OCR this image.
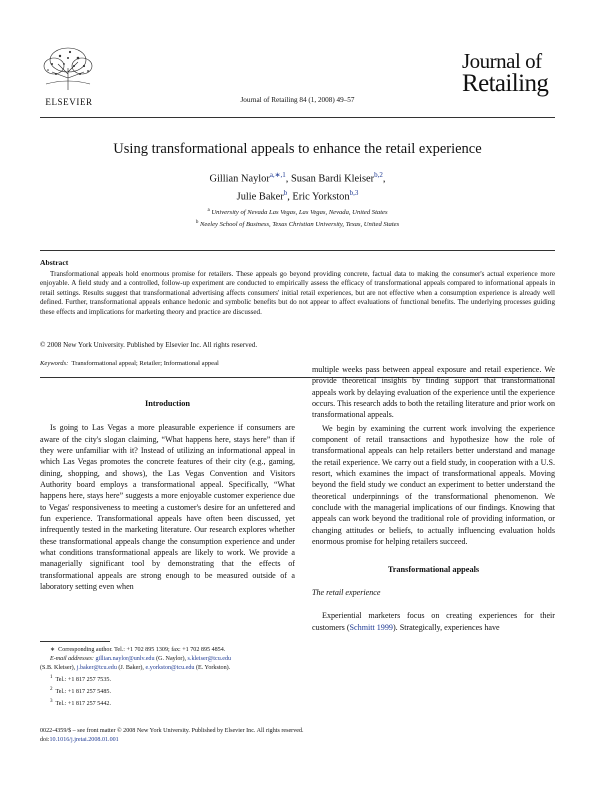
ELSEVIER	Journal of Retailing 84 (1, 2008) 49–57
Journal of
Retailing
Using transformational appeals to enhance the retail experience
Gillian Naylor$^{a,∗,1}$, Susan Bardi Kleiser$^{b,2}$,
Julie Baker$^b$, Eric Yorkston$^{b,3}$
$^a$ University of Nevada Las Vegas, Las Vegas, Nevada, United States
$^b$ Neeley School of Business, Texas Christian University, Texas, United States
Abstract
Transformational appeals hold enormous promise for retailers. These appeals go beyond providing concrete, factual data to making the consumer's actual experience more enjoyable. A field study and a controlled, follow-up experiment are conducted to empirically assess the efficacy of transformational appeals compared to informational appeals in retail settings. Results suggest that transformational advertising affects consumers' initial retail experiences, but are not effective when a consumption experience is already well defined. Further, transformational appeals enhance hedonic and symbolic benefits but do not appear to affect evaluations of functional benefits. The underlying processes guiding these effects and implications for marketing theory and practice are discussed.
© 2008 New York University. Published by Elsevier Inc. All rights reserved.
Keywords: Transformational appeal; Retailer; Informational appeal
Introduction

Is going to Las Vegas a more pleasurable experience if consumers are aware of the city's slogan claiming, “What happens here, stays here” than if they were unfamiliar with it? Instead of utilizing an informational appeal in which Las Vegas promotes the concrete features of their city (e.g., gaming, dining, shopping, and shows), the Las Vegas Convention and Visitors Authority board employs a transformational appeal. Specifically, “What happens here, stays here” suggests a more enjoyable customer experience due to Vegas' responsiveness to meeting a customer's desire for an unfettered and fun experience. Transformational appeals have often been discussed, yet infrequently tested in the marketing literature. Our research explores whether these transformational appeals change the consumption experience and under what conditions transformational appeals are likely to work. We provide a managerially significant tool by demonstrating that the effects of transformational appeals are strong enough to be measured outside of a laboratory setting even when

∗ Corresponding author. Tel.: +1 702 895 1309; fax: +1 702 895 4854.
E-mail addresses: gillian.naylor@unlv.edu (G. Naylor), s.kleiser@tcu.edu
(S.B. Kleiser), j.baker@tcu.edu (J. Baker), e.yorkston@tcu.edu (E. Yorkston).
$^1$  Tel.: +1 817 257 7535.
$^2$  Tel.: +1 817 257 5485.
$^3$  Tel.: +1 817 257 5442.
multiple weeks pass between appeal exposure and retail experience. We provide theoretical insights by finding support that transformational appeals work by delaying evaluation of the experience until the experience occurs. This research adds to both the retailing literature and prior work on transformational appeals.

We begin by examining the current work involving the experience component of retail transactions and hypothesize how the role of transformational appeals can help retailers better understand and manage the retail experience. We carry out a field study, in cooperation with a U.S. resort, which examines the impact of transformational appeals. Moving beyond the field study we conduct an experiment to better understand the theoretical underpinnings of the transformational phenomenon. We conclude with the managerial implications of our findings. Knowing that appeals can work beyond the traditional role of providing information, or changing attitudes or beliefs, to actually influencing evaluation holds enormous promise for helping retailers succeed.

Transformational appeals
The retail experience

Experiential marketers focus on creating experiences for their customers (Schmitt 1999). Strategically, experiences have

0022-4359/$ – see front matter © 2008 New York University. Published by Elsevier Inc. All rights reserved.
doi:10.1016/j.jretai.2008.01.001
